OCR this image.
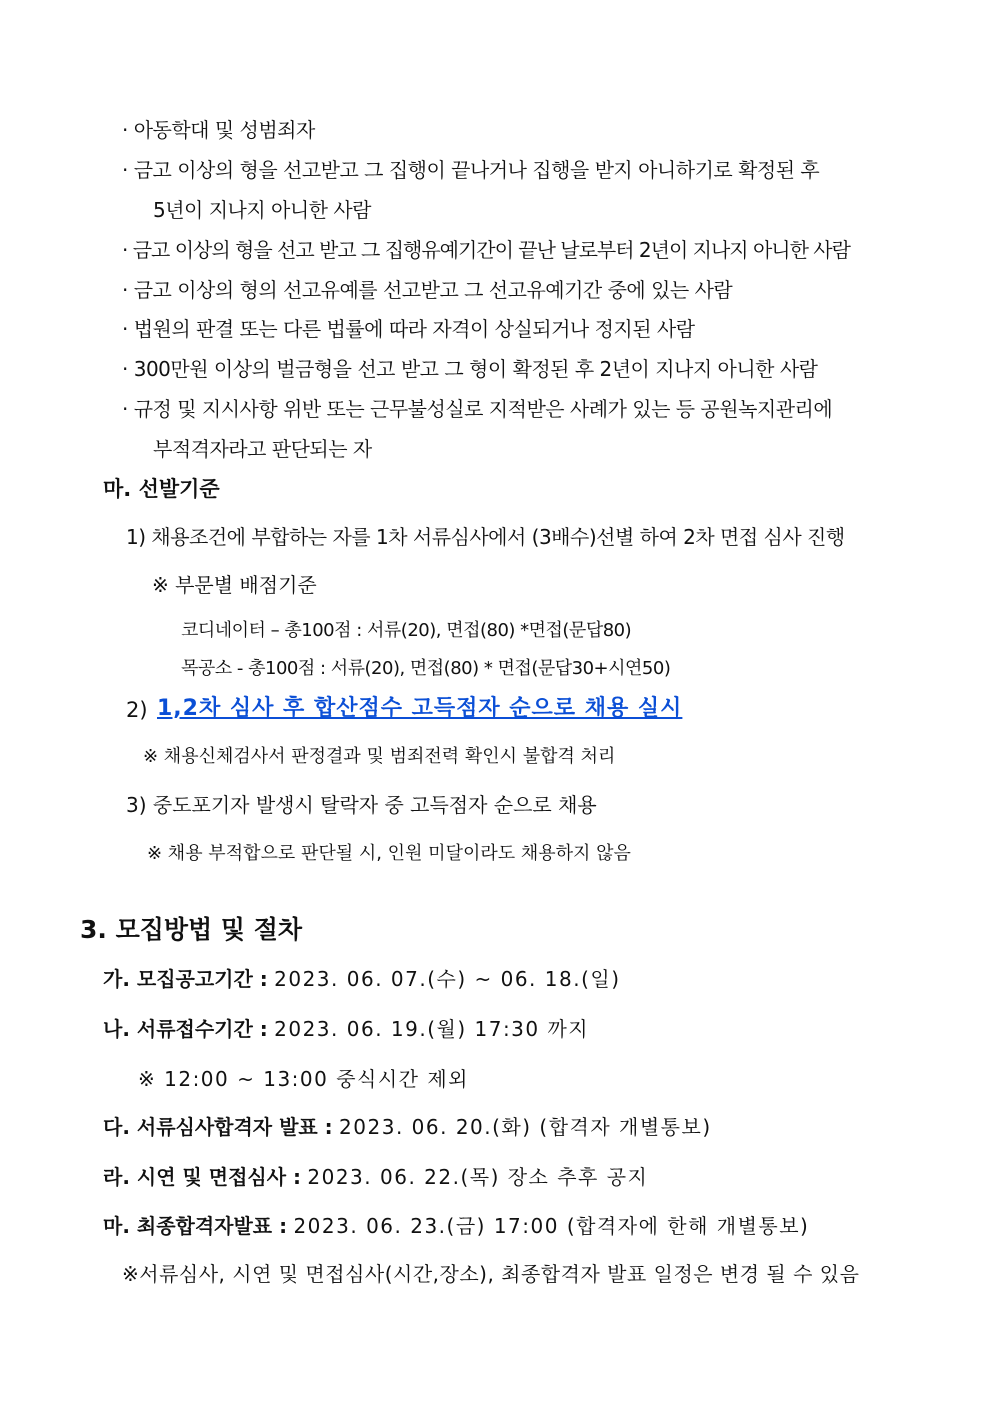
· 아동학대 및 성범죄자
· 금고 이상의 형을 선고받고 그 집행이 끝나거나 집행을 받지 아니하기로 확정된 후
5년이 지나지 아니한 사람
· 금고 이상의 형을 선고 받고 그 집행유예기간이 끝난 날로부터 2년이 지나지 아니한 사람
· 금고 이상의 형의 선고유예를 선고받고 그 선고유예기간 중에 있는 사람
· 법원의 판결 또는 다른 법률에 따라 자격이 상실되거나 정지된 사람
· 300만원 이상의 벌금형을 선고 받고 그 형이 확정된 후 2년이 지나지 아니한 사람
· 규정 및 지시사항 위반 또는 근무불성실로 지적받은 사례가 있는 등 공원녹지관리에
부적격자라고 판단되는 자
마. 선발기준
1) 채용조건에 부합하는 자를 1차 서류심사에서 (3배수)선별 하여 2차 면접 심사 진행
※ 부문별 배점기준
코디네이터 – 총100점 : 서류(20), 면접(80) *면접(문답80)
목공소 - 총100점 : 서류(20), 면접(80) * 면접(문답30+시연50)
2) 1,2차 심사 후 합산점수 고득점자 순으로 채용 실시
※ 채용신체검사서 판정결과 및 범죄전력 확인시 불합격 처리
3) 중도포기자 발생시 탈락자 중 고득점자 순으로 채용
※ 채용 부적합으로 판단될 시, 인원 미달이라도 채용하지 않음
3. 모집방법 및 절차
가. 모집공고기간 : 2023. 06. 07.(수) ~ 06. 18.(일)
나. 서류접수기간 : 2023. 06. 19.(월) 17:30 까지
※ 12:00 ~ 13:00 중식시간 제외
다. 서류심사합격자 발표 : 2023. 06. 20.(화) (합격자 개별통보)
라. 시연 및 면접심사 : 2023. 06. 22.(목) 장소 추후 공지
마. 최종합격자발표 : 2023. 06. 23.(금) 17:00 (합격자에 한해 개별통보)
※서류심사, 시연 및 면접심사(시간,장소), 최종합격자 발표 일정은 변경 될 수 있음
